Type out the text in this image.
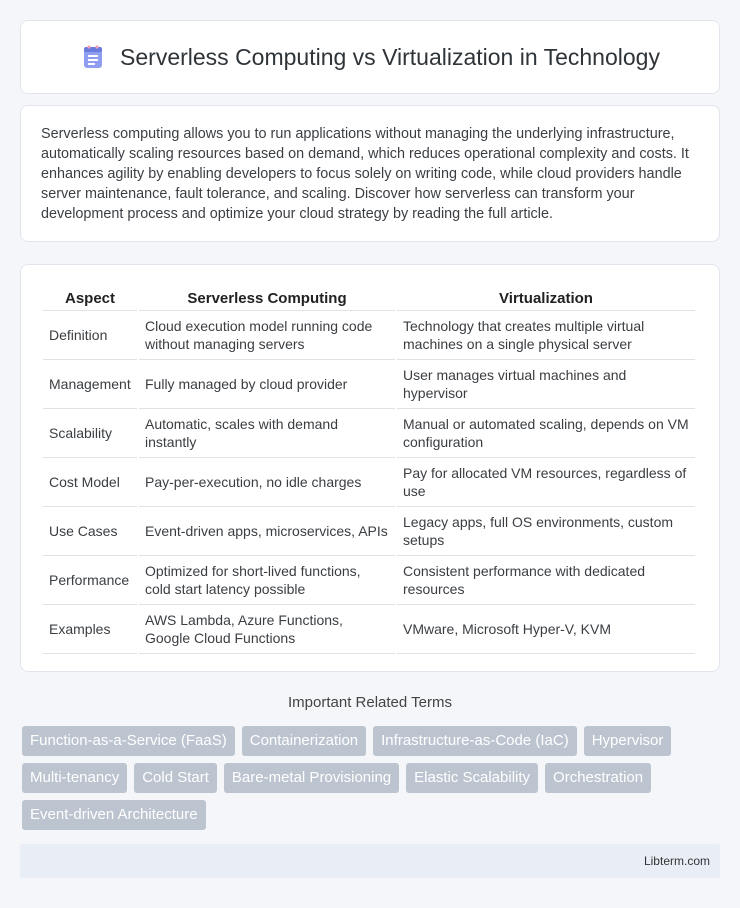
Serverless Computing vs Virtualization in Technology

Serverless computing allows you to run applications without managing the underlying infrastructure, automatically scaling resources based on demand, which reduces operational complexity and costs. It enhances agility by enabling developers to focus solely on writing code, while cloud providers handle server maintenance, fault tolerance, and scaling. Discover how serverless can transform your development process and optimize your cloud strategy by reading the full article.

Aspect	Serverless Computing	Virtualization
Definition	Cloud execution model running code without managing servers	Technology that creates multiple virtual machines on a single physical server
Management	Fully managed by cloud provider	User manages virtual machines and hypervisor
Scalability	Automatic, scales with demand instantly	Manual or automated scaling, depends on VM configuration
Cost Model	Pay-per-execution, no idle charges	Pay for allocated VM resources, regardless of use
Use Cases	Event-driven apps, microservices, APIs	Legacy apps, full OS environments, custom setups
Performance	Optimized for short-lived functions, cold start latency possible	Consistent performance with dedicated resources
Examples	AWS Lambda, Azure Functions, Google Cloud Functions	VMware, Microsoft Hyper-V, KVM
Important Related Terms
Function-as-a-Service (FaaS)	Containerization	Infrastructure-as-Code (IaC)	Hypervisor
Multi-tenancy	Cold Start	Bare-metal Provisioning	Elastic Scalability	Orchestration
Event-driven Architecture
Libterm.com
